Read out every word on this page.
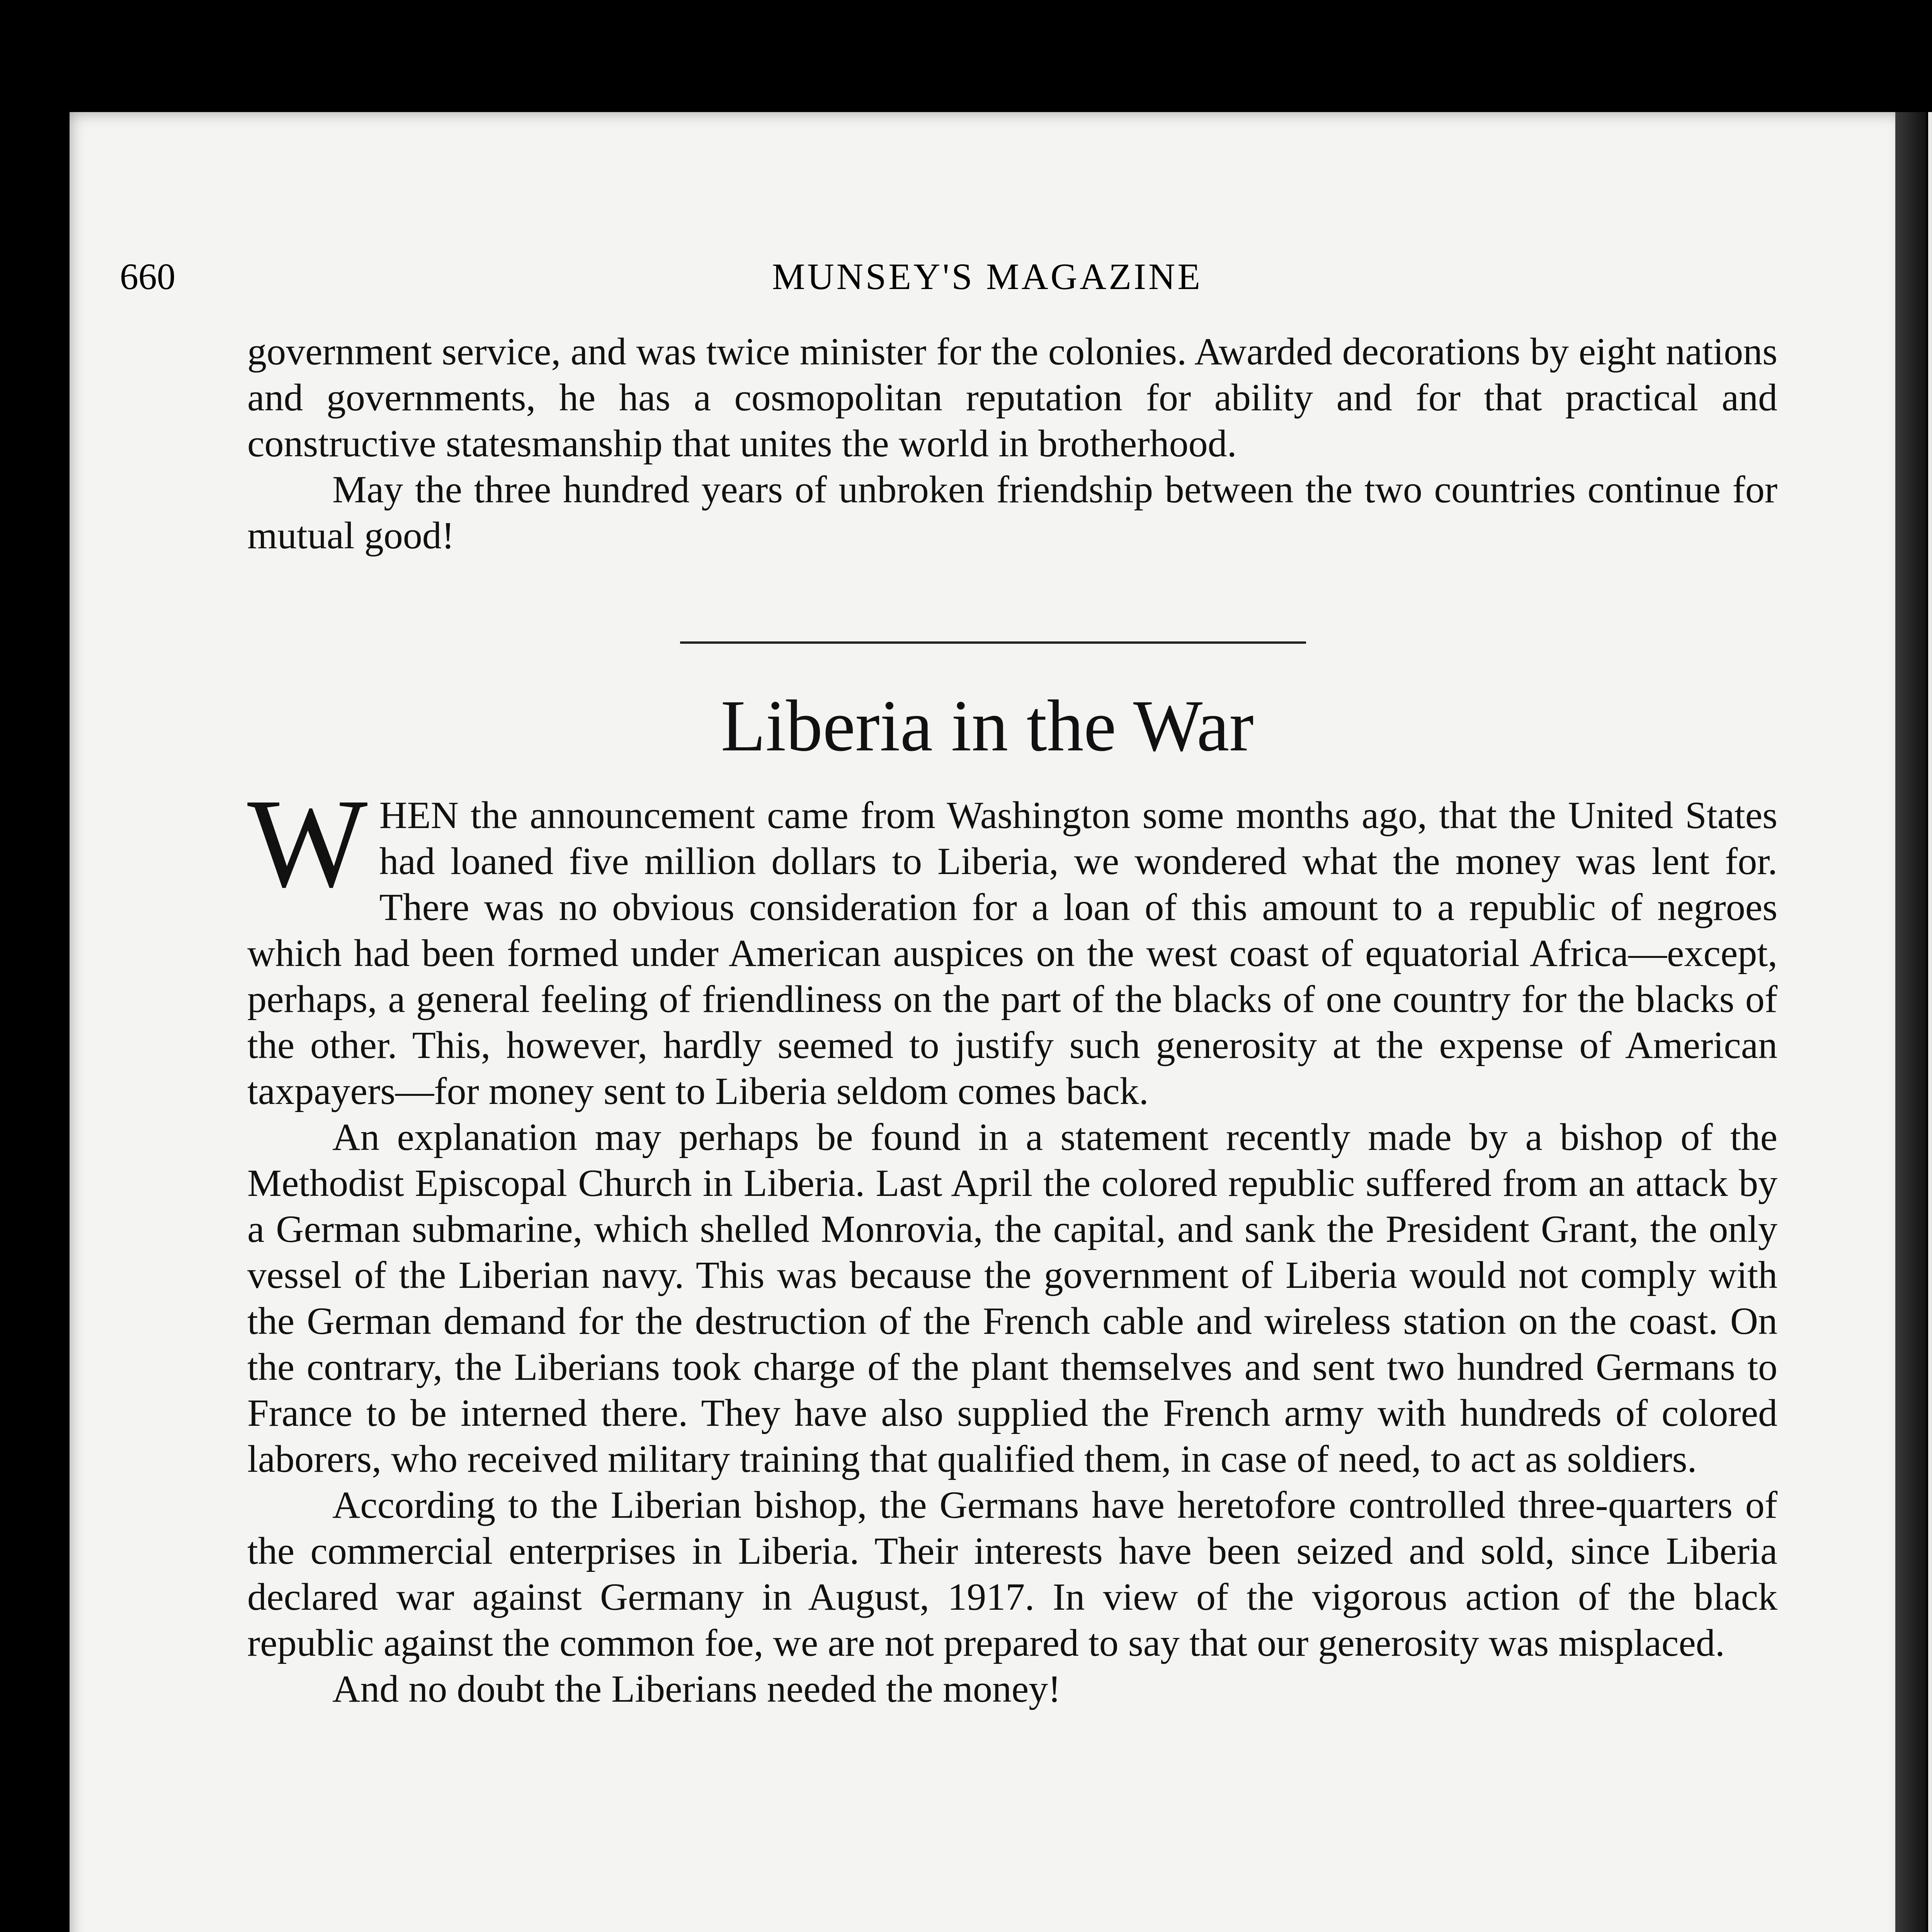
660	MUNSEY'S MAGAZINE

government service, and was twice minister for the colonies. Awarded decorations by eight nations and governments, he has a cosmopolitan reputation for ability and for that practical and constructive statesmanship that unites the world in brotherhood.

May the three hundred years of unbroken friendship between the two countries continue for mutual good!

Liberia in the War

WHEN the announcement came from Washington some months ago, that the United States had loaned five million dollars to Liberia, we wondered what the money was lent for. There was no obvious consideration for a loan of this amount to a republic of negroes which had been formed under American auspices on the west coast of equatorial Africa—except, perhaps, a general feeling of friendliness on the part of the blacks of one country for the blacks of the other. This, however, hardly seemed to justify such generosity at the expense of American taxpayers—for money sent to Liberia seldom comes back.

An explanation may perhaps be found in a statement recently made by a bishop of the Methodist Episcopal Church in Liberia. Last April the colored republic suffered from an attack by a German submarine, which shelled Monrovia, the capital, and sank the President Grant, the only vessel of the Liberian navy. This was because the government of Liberia would not comply with the German demand for the destruction of the French cable and wireless station on the coast. On the contrary, the Liberians took charge of the plant themselves and sent two hundred Germans to France to be interned there. They have also supplied the French army with hundreds of colored laborers, who received military training that qualified them, in case of need, to act as soldiers.

According to the Liberian bishop, the Germans have heretofore controlled three-quarters of the commercial enterprises in Liberia. Their interests have been seized and sold, since Liberia declared war against Germany in August, 1917. In view of the vigorous action of the black republic against the common foe, we are not prepared to say that our generosity was misplaced.

And no doubt the Liberians needed the money!
